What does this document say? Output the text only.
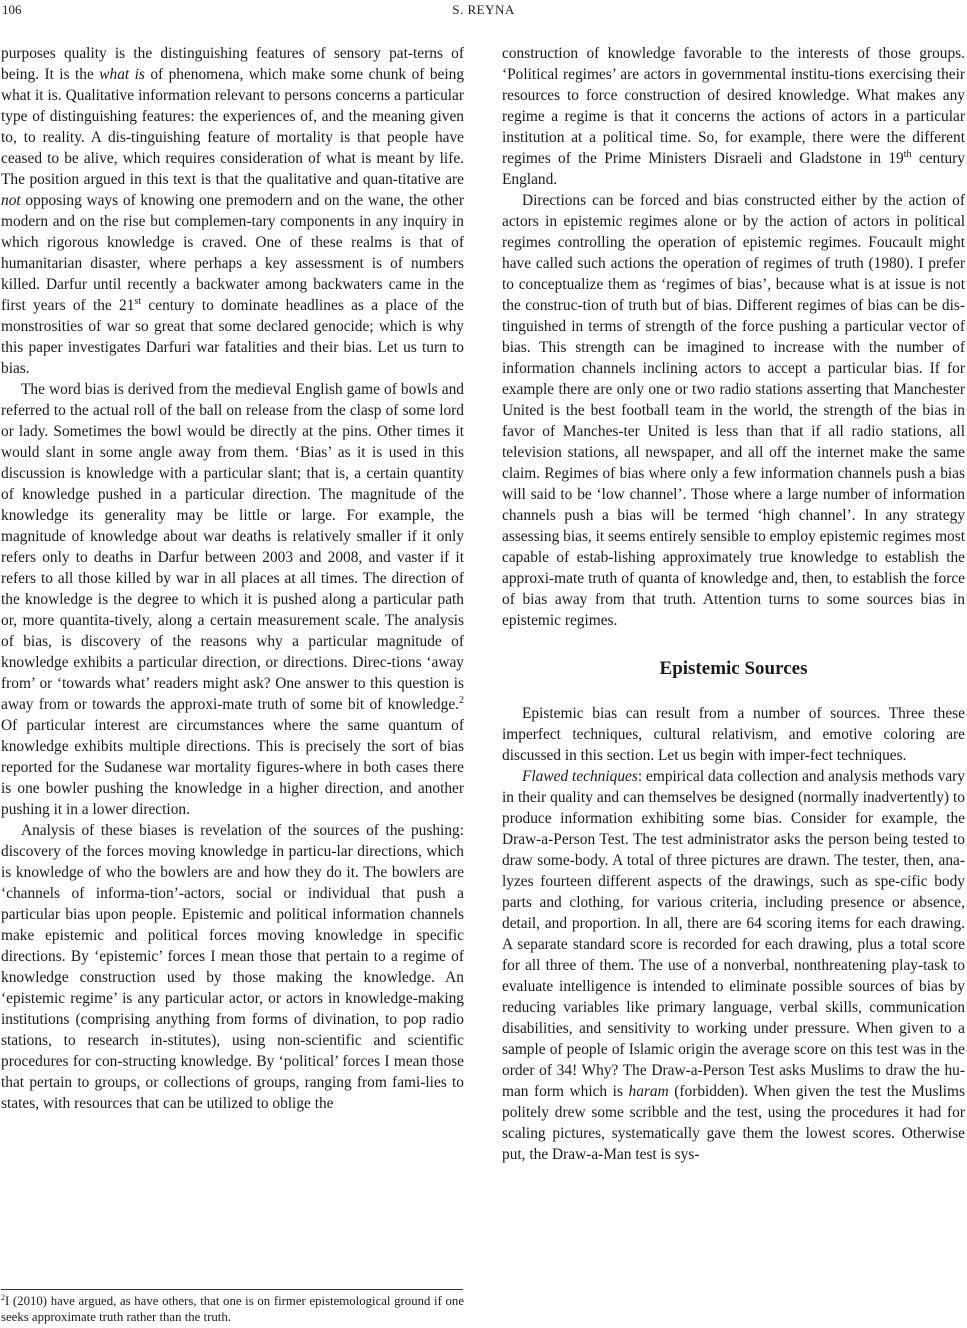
106	S. REYNA

purposes quality is the distinguishing features of sensory pat-terns of being. It is the what is of phenomena, which make some chunk of being what it is. Qualitative information relevant to persons concerns a particular type of distinguishing features: the experiences of, and the meaning given to, to reality. A dis-tinguishing feature of mortality is that people have ceased to be alive, which requires consideration of what is meant by life. The position argued in this text is that the qualitative and quan-titative are not opposing ways of knowing one premodern and on the wane, the other modern and on the rise but complemen-tary components in any inquiry in which rigorous knowledge is craved. One of these realms is that of humanitarian disaster, where perhaps a key assessment is of numbers killed. Darfur until recently a backwater among backwaters came in the first years of the 21st century to dominate headlines as a place of the monstrosities of war so great that some declared genocide; which is why this paper investigates Darfuri war fatalities and their bias. Let us turn to bias.

The word bias is derived from the medieval English game of bowls and referred to the actual roll of the ball on release from the clasp of some lord or lady. Sometimes the bowl would be directly at the pins. Other times it would slant in some angle away from them. ‘Bias’ as it is used in this discussion is knowledge with a particular slant; that is, a certain quantity of knowledge pushed in a particular direction. The magnitude of the knowledge its generality may be little or large. For example, the magnitude of knowledge about war deaths is relatively smaller if it only refers only to deaths in Darfur between 2003 and 2008, and vaster if it refers to all those killed by war in all places at all times. The direction of the knowledge is the degree to which it is pushed along a particular path or, more quantita-tively, along a certain measurement scale. The analysis of bias, is discovery of the reasons why a particular magnitude of knowledge exhibits a particular direction, or directions. Direc-tions ‘away from’ or ‘towards what’ readers might ask? One answer to this question is away from or towards the approxi-mate truth of some bit of knowledge.$^2$ Of particular interest are circumstances where the same quantum of knowledge exhibits multiple directions. This is precisely the sort of bias reported for the Sudanese war mortality figures-where in both cases there is one bowler pushing the knowledge in a higher direction, and another pushing it in a lower direction.

Analysis of these biases is revelation of the sources of the pushing: discovery of the forces moving knowledge in particu-lar directions, which is knowledge of who the bowlers are and how they do it. The bowlers are ‘channels of informa-tion’-actors, social or individual that push a particular bias upon people. Epistemic and political information channels make epistemic and political forces moving knowledge in specific directions. By ‘epistemic’ forces I mean those that pertain to a regime of knowledge construction used by those making the knowledge. An ‘epistemic regime’ is any particular actor, or actors in knowledge-making institutions (comprising anything from forms of divination, to pop radio stations, to research in-stitutes), using non-scientific and scientific procedures for con-structing knowledge. By ‘political’ forces I mean those that pertain to groups, or collections of groups, ranging from fami-lies to states, with resources that can be utilized to oblige the

construction of knowledge favorable to the interests of those groups. ‘Political regimes’ are actors in governmental institu-tions exercising their resources to force construction of desired knowledge. What makes any regime a regime is that it concerns the actions of actors in a particular institution at a political time. So, for example, there were the different regimes of the Prime Ministers Disraeli and Gladstone in 19th century England.

Directions can be forced and bias constructed either by the action of actors in epistemic regimes alone or by the action of actors in political regimes controlling the operation of epistemic regimes. Foucault might have called such actions the operation of regimes of truth (1980). I prefer to conceptualize them as ‘regimes of bias’, because what is at issue is not the construc-tion of truth but of bias. Different regimes of bias can be dis-tinguished in terms of strength of the force pushing a particular vector of bias. This strength can be imagined to increase with the number of information channels inclining actors to accept a particular bias. If for example there are only one or two radio stations asserting that Manchester United is the best football team in the world, the strength of the bias in favor of Manches-ter United is less than that if all radio stations, all television stations, all newspaper, and all off the internet make the same claim. Regimes of bias where only a few information channels push a bias will said to be ‘low channel’. Those where a large number of information channels push a bias will be termed ‘high channel’. In any strategy assessing bias, it seems entirely sensible to employ epistemic regimes most capable of estab-lishing approximately true knowledge to establish the approxi-mate truth of quanta of knowledge and, then, to establish the force of bias away from that truth. Attention turns to some sources bias in epistemic regimes.

Epistemic Sources

Epistemic bias can result from a number of sources. Three these imperfect techniques, cultural relativism, and emotive coloring are discussed in this section. Let us begin with imper-fect techniques.

Flawed techniques: empirical data collection and analysis methods vary in their quality and can themselves be designed (normally inadvertently) to produce information exhibiting some bias. Consider for example, the Draw-a-Person Test. The test administrator asks the person being tested to draw some-body. A total of three pictures are drawn. The tester, then, ana-lyzes fourteen different aspects of the drawings, such as spe-cific body parts and clothing, for various criteria, including presence or absence, detail, and proportion. In all, there are 64 scoring items for each drawing. A separate standard score is recorded for each drawing, plus a total score for all three of them. The use of a nonverbal, nonthreatening play-task to evaluate intelligence is intended to eliminate possible sources of bias by reducing variables like primary language, verbal skills, communication disabilities, and sensitivity to working under pressure. When given to a sample of people of Islamic origin the average score on this test was in the order of 34! Why? The Draw-a-Person Test asks Muslims to draw the hu-man form which is haram (forbidden). When given the test the Muslims politely drew some scribble and the test, using the procedures it had for scaling pictures, systematically gave them the lowest scores. Otherwise put, the Draw-a-Man test is sys-

$^2$I (2010) have argued, as have others, that one is on firmer epistemological ground if one seeks approximate truth rather than the truth.
